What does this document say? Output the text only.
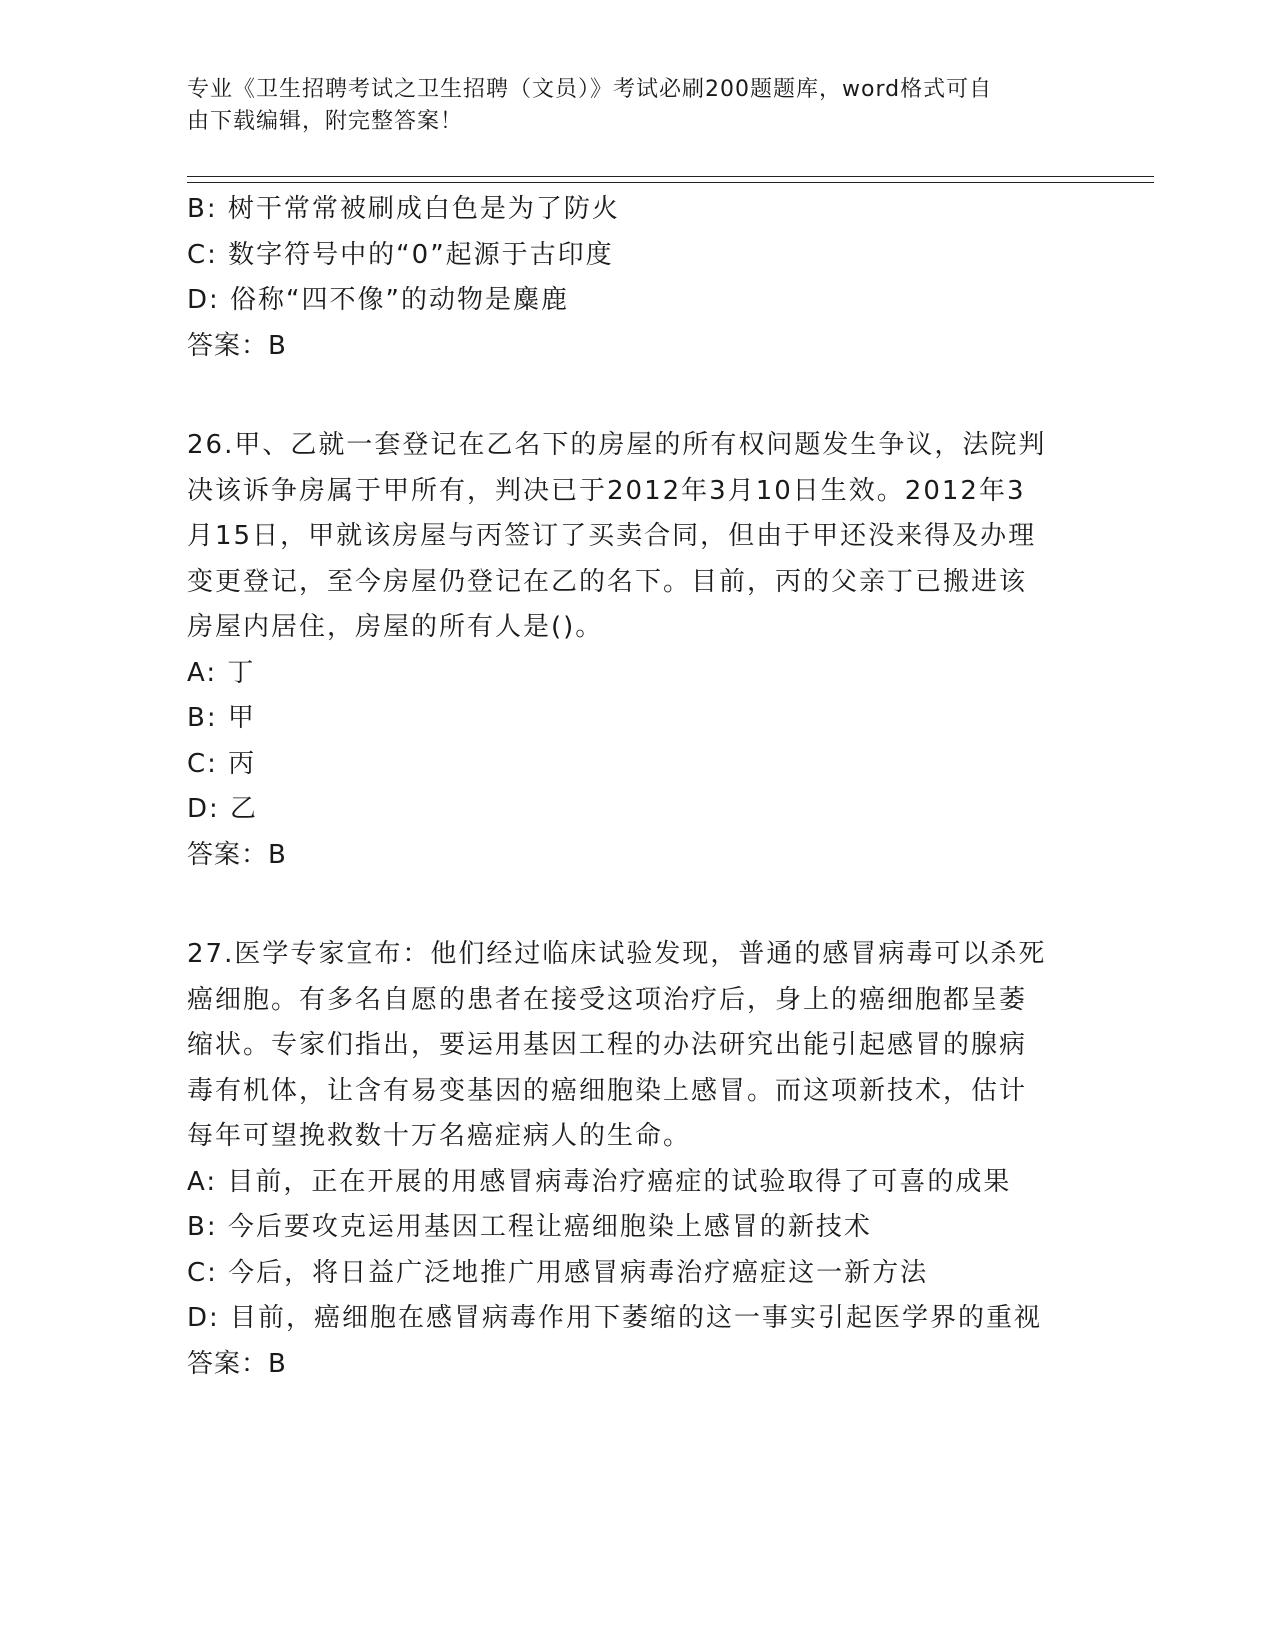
专业《卫生招聘考试之卫生招聘（文员）》考试必刷200题题库，word格式可自
由下载编辑，附完整答案！
B: 树干常常被刷成白色是为了防火
C: 数字符号中的“0”起源于古印度
D: 俗称“四不像”的动物是麋鹿
答案：B
26.甲、乙就一套登记在乙名下的房屋的所有权问题发生争议，法院判
决该诉争房属于甲所有，判决已于2012年3月10日生效。2012年3
月15日，甲就该房屋与丙签订了买卖合同，但由于甲还没来得及办理
变更登记，至今房屋仍登记在乙的名下。目前，丙的父亲丁已搬进该
房屋内居住，房屋的所有人是()。
A: 丁
B: 甲
C: 丙
D: 乙
答案：B
27.医学专家宣布：他们经过临床试验发现，普通的感冒病毒可以杀死
癌细胞。有多名自愿的患者在接受这项治疗后，身上的癌细胞都呈萎
缩状。专家们指出，要运用基因工程的办法研究出能引起感冒的腺病
毒有机体，让含有易变基因的癌细胞染上感冒。而这项新技术，估计
每年可望挽救数十万名癌症病人的生命。
A: 目前，正在开展的用感冒病毒治疗癌症的试验取得了可喜的成果
B: 今后要攻克运用基因工程让癌细胞染上感冒的新技术
C: 今后，将日益广泛地推广用感冒病毒治疗癌症这一新方法
D: 目前，癌细胞在感冒病毒作用下萎缩的这一事实引起医学界的重视
答案：B
